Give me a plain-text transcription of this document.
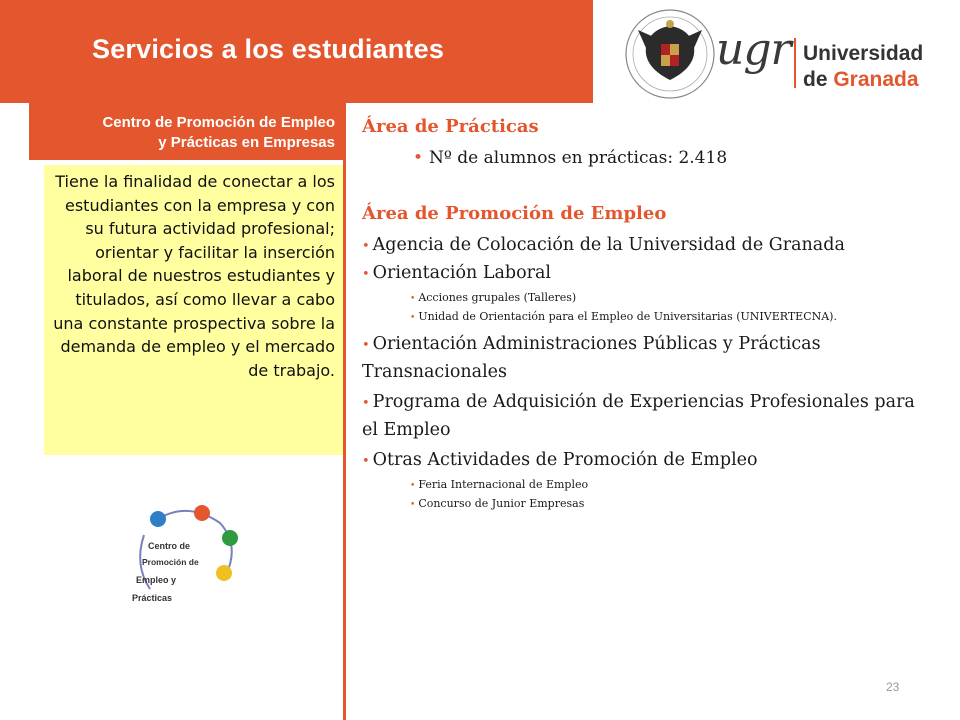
Servicios a los estudiantes	ugr Universidad
de Granada
Centro de Promoción de Empleo
y Prácticas en Empresas
Tiene la finalidad de conectar a los estudiantes con la empresa y con su futura actividad profesional; orientar y facilitar la inserción laboral de nuestros estudiantes y titulados, así como llevar a cabo una constante prospectiva sobre la demanda de empleo y el mercado de trabajo.
Centro de
Promoción de
Empleo y
Prácticas
Área de Prácticas
• Nº de alumnos en prácticas: 2.418
Área de Promoción de Empleo

• Agencia de Colocación de la Universidad de Granada

• Orientación Laboral

• Acciones grupales (Talleres)

• Unidad de Orientación para el Empleo de Universitarias (UNIVERTECNA).

• Orientación Administraciones Públicas y Prácticas Transnacionales

• Programa de Adquisición de Experiencias Profesionales para el Empleo

• Otras Actividades de Promoción de Empleo

• Feria Internacional de Empleo

• Concurso de Junior Empresas

23
